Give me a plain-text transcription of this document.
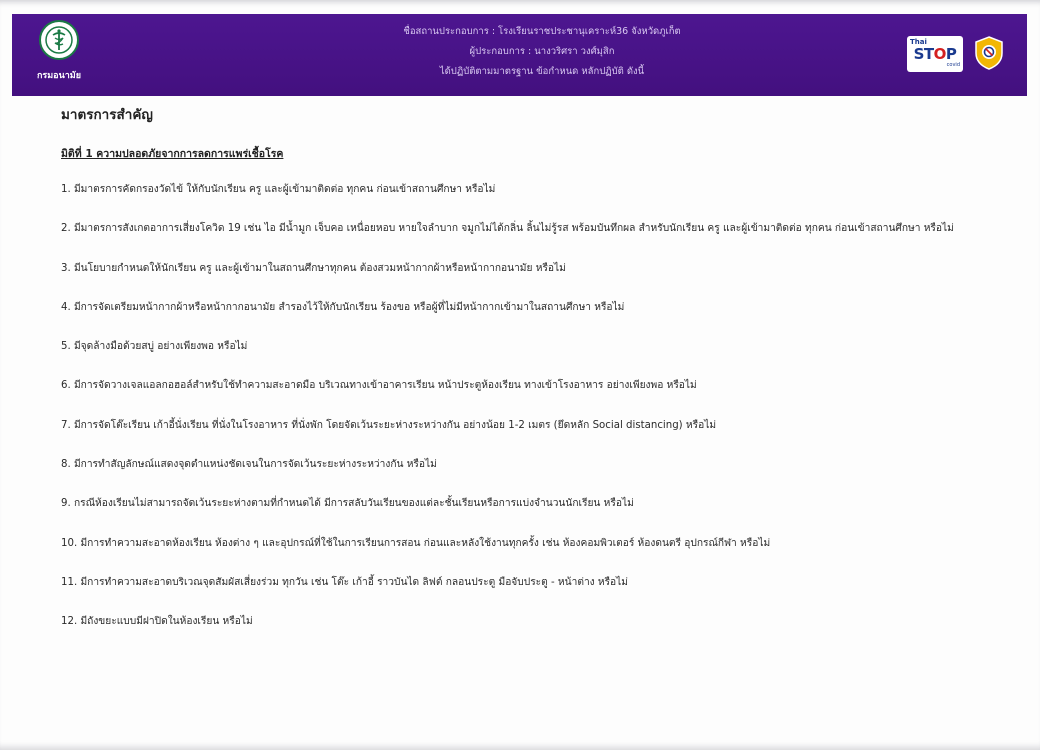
กรมอนามัย
ชื่อสถานประกอบการ : โรงเรียนราชประชานุเคราะห์36 จังหวัดภูเก็ต
ผู้ประกอบการ : นางวริศรา วงศ์มุสิก
ได้ปฏิบัติตามมาตรฐาน ข้อกำหนด หลักปฏิบัติ ดังนี้
Thai
STOP
covid
มาตรการสำคัญ
มิติที่ 1 ความปลอดภัยจากการลดการแพร่เชื้อโรค
1. มีมาตรการคัดกรองวัดไข้ ให้กับนักเรียน ครู และผู้เข้ามาติดต่อ ทุกคน ก่อนเข้าสถานศึกษา หรือไม่
2. มีมาตรการสังเกตอาการเสี่ยงโควิด 19 เช่น ไอ มีน้ำมูก เจ็บคอ เหนื่อยหอบ หายใจลำบาก จมูกไม่ได้กลิ่น ลิ้นไม่รู้รส พร้อมบันทึกผล สำหรับนักเรียน ครู และผู้เข้ามาติดต่อ ทุกคน ก่อนเข้าสถานศึกษา หรือไม่
3. มีนโยบายกำหนดให้นักเรียน ครู และผู้เข้ามาในสถานศึกษาทุกคน ต้องสวมหน้ากากผ้าหรือหน้ากากอนามัย หรือไม่
4. มีการจัดเตรียมหน้ากากผ้าหรือหน้ากากอนามัย สำรองไว้ให้กับนักเรียน ร้องขอ หรือผู้ที่ไม่มีหน้ากากเข้ามาในสถานศึกษา หรือไม่
5. มีจุดล้างมือด้วยสบู่ อย่างเพียงพอ หรือไม่
6. มีการจัดวางเจลแอลกอฮอล์สำหรับใช้ทำความสะอาดมือ บริเวณทางเข้าอาคารเรียน หน้าประตูห้องเรียน ทางเข้าโรงอาหาร อย่างเพียงพอ หรือไม่
7. มีการจัดโต๊ะเรียน เก้าอี้นั่งเรียน ที่นั่งในโรงอาหาร ที่นั่งพัก โดยจัดเว้นระยะห่างระหว่างกัน อย่างน้อย 1-2 เมตร (ยึดหลัก Social distancing) หรือไม่
8. มีการทำสัญลักษณ์แสดงจุดตำแหน่งชัดเจนในการจัดเว้นระยะห่างระหว่างกัน หรือไม่
9. กรณีห้องเรียนไม่สามารถจัดเว้นระยะห่างตามที่กำหนดได้ มีการสลับวันเรียนของแต่ละชั้นเรียนหรือการแบ่งจำนวนนักเรียน หรือไม่
10. มีการทำความสะอาดห้องเรียน ห้องต่าง ๆ และอุปกรณ์ที่ใช้ในการเรียนการสอน ก่อนและหลังใช้งานทุกครั้ง เช่น ห้องคอมพิวเตอร์ ห้องดนตรี อุปกรณ์กีฬา หรือไม่
11. มีการทำความสะอาดบริเวณจุดสัมผัสเสี่ยงร่วม ทุกวัน เช่น โต๊ะ เก้าอี้ ราวบันได ลิฟต์ กลอนประตู มือจับประตู - หน้าต่าง หรือไม่
12. มีถังขยะแบบมีฝาปิดในห้องเรียน หรือไม่
